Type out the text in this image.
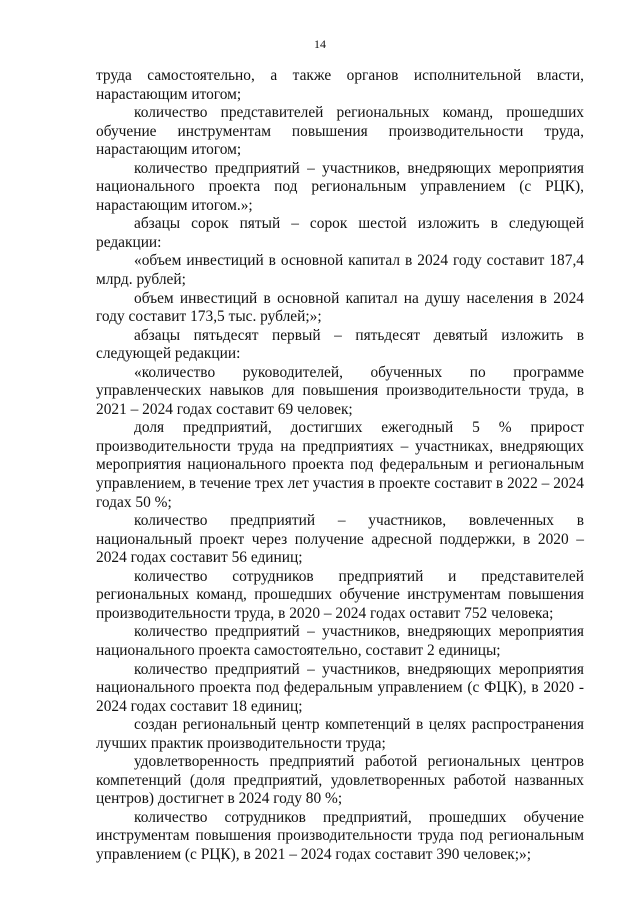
14

труда самостоятельно, а также органов исполнительной власти, нарастающим итогом;

количество представителей региональных команд, прошедших обучение инструментам повышения производительности труда, нарастающим итогом;

количество предприятий – участников, внедряющих мероприятия национального проекта под региональным управлением (с РЦК), нарастающим итогом.»;

абзацы сорок пятый – сорок шестой изложить в следующей редакции:

«объем инвестиций в основной капитал в 2024 году составит 187,4 млрд. рублей;

объем инвестиций в основной капитал на душу населения в 2024 году составит 173,5 тыс. рублей;»;

абзацы пятьдесят первый – пятьдесят девятый изложить в следующей редакции:

«количество руководителей, обученных по программе управленческих навыков для повышения производительности труда, в 2021 – 2024 годах составит 69 человек;

доля предприятий, достигших ежегодный 5 % прирост производительности труда на предприятиях – участниках, внедряющих мероприятия национального проекта под федеральным и региональным управлением, в течение трех лет участия в проекте составит в 2022 – 2024 годах 50 %;

количество предприятий – участников, вовлеченных в национальный проект через получение адресной поддержки, в 2020 – 2024 годах составит 56 единиц;

количество сотрудников предприятий и представителей региональных команд, прошедших обучение инструментам повышения производительности труда, в 2020 – 2024 годах оставит 752 человека;

количество предприятий – участников, внедряющих мероприятия национального проекта самостоятельно, составит 2 единицы;

количество предприятий – участников, внедряющих мероприятия национального проекта под федеральным управлением (с ФЦК), в 2020 - 2024 годах составит 18 единиц;

создан региональный центр компетенций в целях распространения лучших практик производительности труда;

удовлетворенность предприятий работой региональных центров компетенций (доля предприятий, удовлетворенных работой названных центров) достигнет в 2024 году 80 %;

количество сотрудников предприятий, прошедших обучение инструментам повышения производительности труда под региональным управлением (с РЦК), в 2021 – 2024 годах составит 390 человек;»;
